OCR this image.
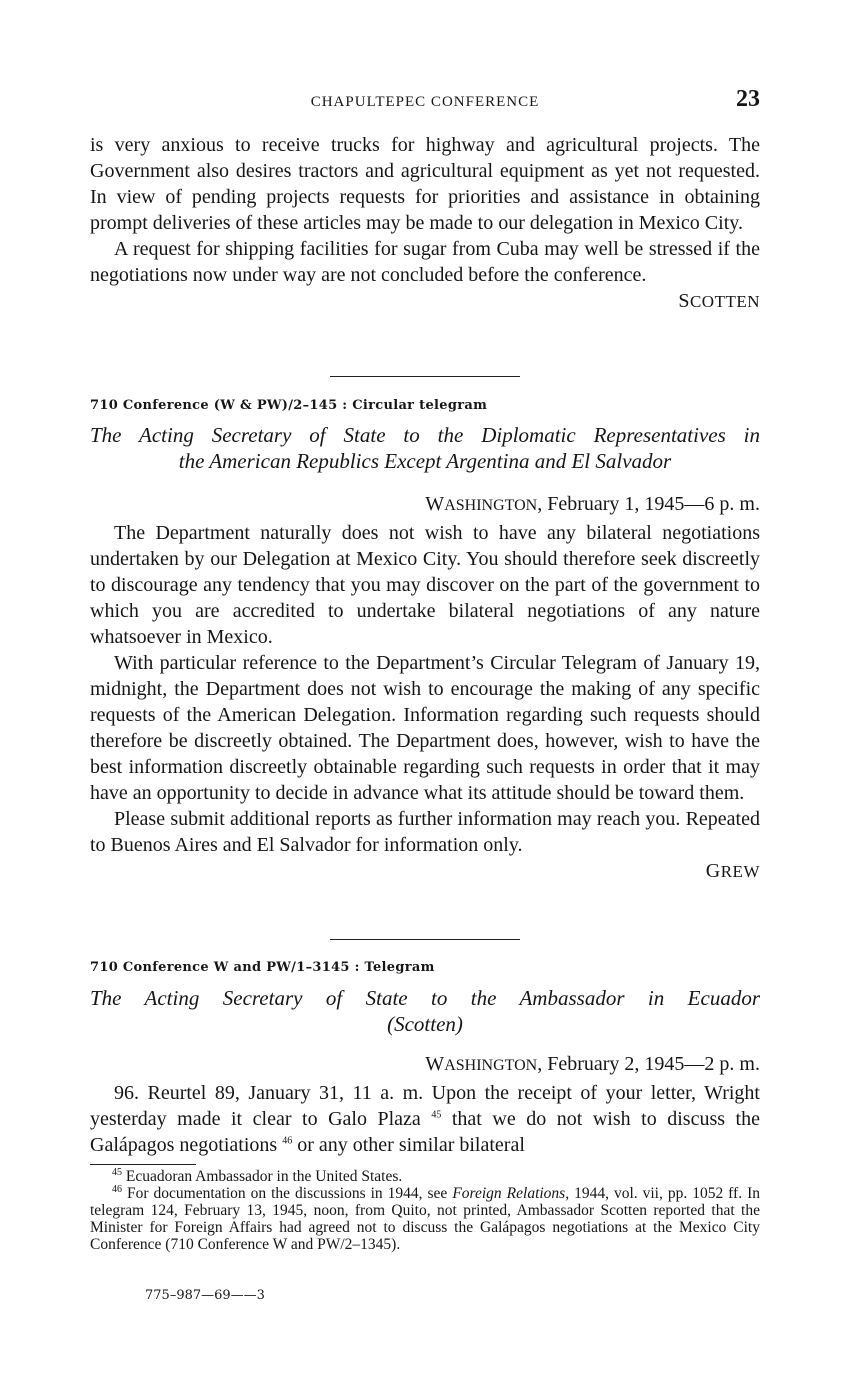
CHAPULTEPEC CONFERENCE	23

is very anxious to receive trucks for highway and agricultural projects. The Government also desires tractors and agricultural equipment as yet not requested. In view of pending projects requests for priorities and assistance in obtaining prompt deliveries of these articles may be made to our delegation in Mexico City.

A request for shipping facilities for sugar from Cuba may well be stressed if the negotiations now under way are not concluded before the conference.

SCOTTEN
710 Conference (W & PW)/2–145 : Circular telegram
The Acting Secretary of State to the Diplomatic Representatives in
the American Republics Except Argentina and El Salvador
WASHINGTON, February 1, 1945—6 p. m.

The Department naturally does not wish to have any bilateral negotiations undertaken by our Delegation at Mexico City. You should therefore seek discreetly to discourage any tendency that you may discover on the part of the government to which you are accredited to undertake bilateral negotiations of any nature whatsoever in Mexico.

With particular reference to the Department’s Circular Telegram of January 19, midnight, the Department does not wish to encourage the making of any specific requests of the American Delegation. Information regarding such requests should therefore be discreetly obtained. The Department does, however, wish to have the best information discreetly obtainable regarding such requests in order that it may have an opportunity to decide in advance what its attitude should be toward them.

Please submit additional reports as further information may reach you. Repeated to Buenos Aires and El Salvador for information only.

GREW
710 Conference W and PW/1–3145 : Telegram
The Acting Secretary of State to the Ambassador in Ecuador
(Scotten)
WASHINGTON, February 2, 1945—2 p. m.

96. Reurtel 89, January 31, 11 a. m. Upon the receipt of your letter, Wright yesterday made it clear to Galo Plaza $^{45}$ that we do not wish to discuss the Galápagos negotiations $^{46}$ or any other similar bilateral

$^{45}$ Ecuadoran Ambassador in the United States.

$^{46}$ For documentation on the discussions in 1944, see Foreign Relations, 1944, vol. vii, pp. 1052 ff. In telegram 124, February 13, 1945, noon, from Quito, not printed, Ambassador Scotten reported that the Minister for Foreign Affairs had agreed not to discuss the Galápagos negotiations at the Mexico City Conference (710 Conference W and PW/2–1345).

775–987—69——3
